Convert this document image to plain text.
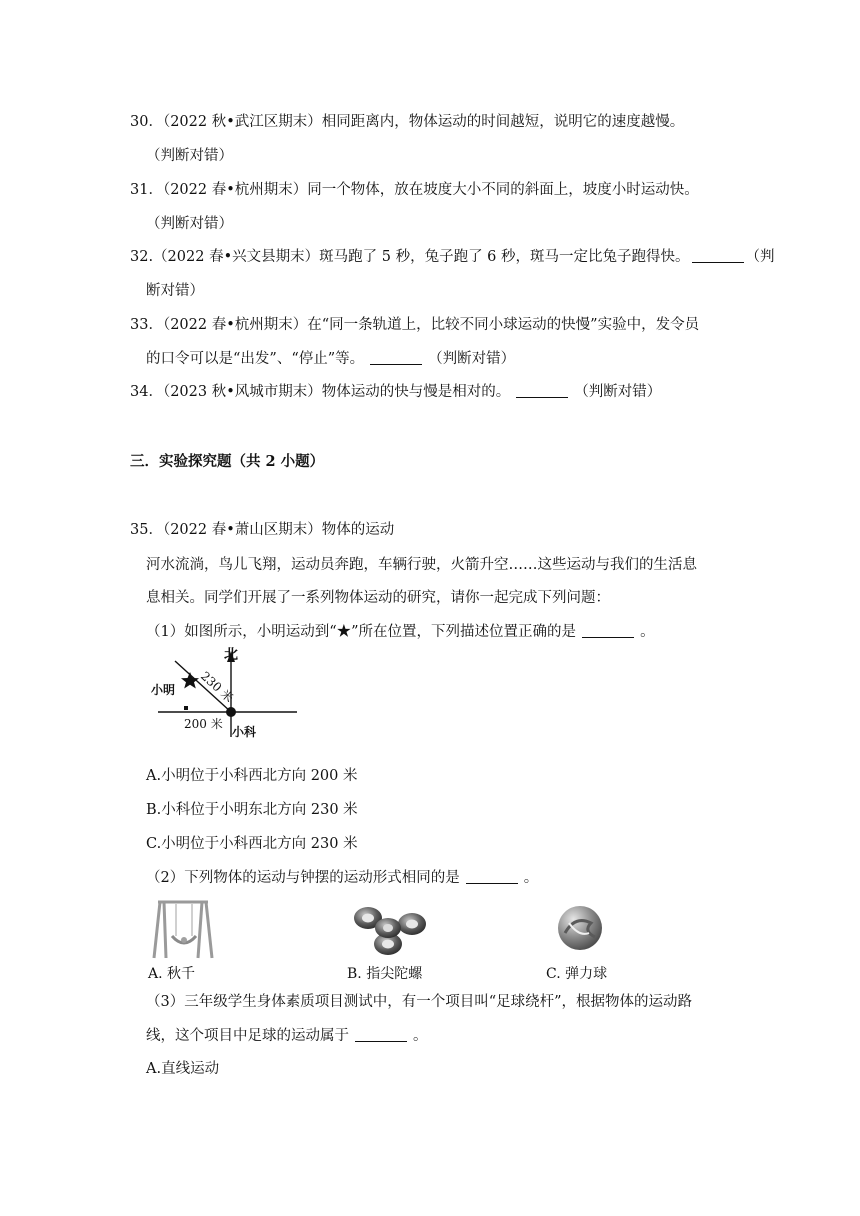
30．（2022 秋•武江区期末）相同距离内，物体运动的时间越短，说明它的速度越慢。
（判断对错）
31．（2022 春•杭州期末）同一个物体，放在坡度大小不同的斜面上，坡度小时运动快。
（判断对错）
32.（2022 春•兴文县期末）斑马跑了 5 秒，兔子跑了 6 秒，斑马一定比兔子跑得快。	（判
断对错）
33．（2022 春•杭州期末）在“同一条轨道上，比较不同小球运动的快慢”实验中，发令员
的口令可以是“出发”、“停止”等。	（判断对错）
34．（2023 秋•风城市期末）物体运动的快与慢是相对的。	（判断对错）
三．实验探究题（共 2 小题）
35．（2022 春•萧山区期末）物体的运动
河水流淌，鸟儿飞翔，运动员奔跑，车辆行驶，火箭升空……这些运动与我们的生活息
息相关。同学们开展了一系列物体运动的研究，请你一起完成下列问题：
（1）如图所示，小明运动到“★”所在位置，下列描述位置正确的是	。
北
小明 230 米
200 米
小科
A.小明位于小科西北方向 200 米
B.小科位于小明东北方向 230 米
C.小明位于小科西北方向 230 米
（2）下列物体的运动与钟摆的运动形式相同的是	。
A. 秋千	B. 指尖陀螺	C. 弹力球
（3）三年级学生身体素质项目测试中，有一个项目叫“足球绕杆”，根据物体的运动路
线，这个项目中足球的运动属于	。
A.直线运动
